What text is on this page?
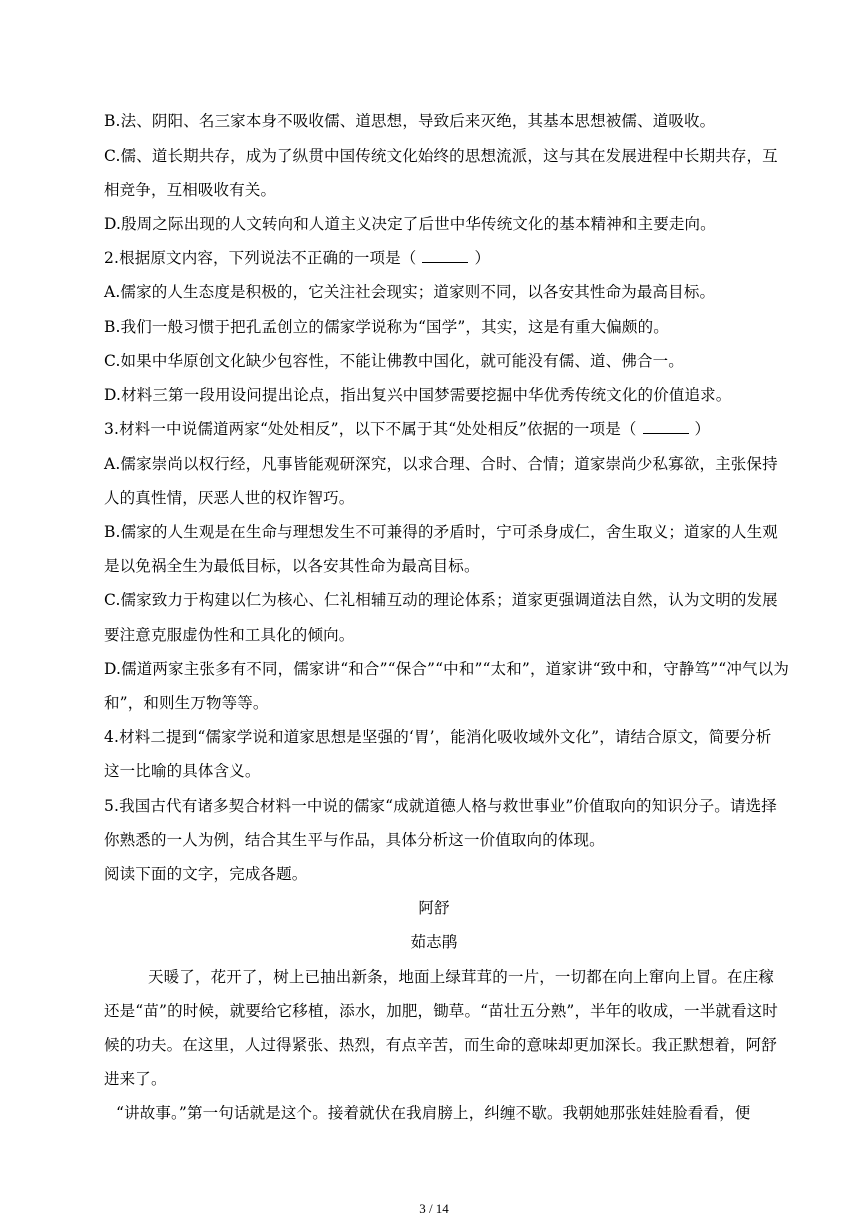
B.法、阴阳、名三家本身不吸收儒、道思想，导致后来灭绝，其基本思想被儒、道吸收。
C.儒、道长期共存，成为了纵贯中国传统文化始终的思想流派，这与其在发展进程中长期共存，互
相竞争，互相吸收有关。
D.殷周之际出现的人文转向和人道主义决定了后世中华传统文化的基本精神和主要走向。
2.根据原文内容，下列说法不正确的一项是（	）
A.儒家的人生态度是积极的，它关注社会现实；道家则不同，以各安其性命为最高目标。
B.我们一般习惯于把孔孟创立的儒家学说称为“国学”，其实，这是有重大偏颇的。
C.如果中华原创文化缺少包容性，不能让佛教中国化，就可能没有儒、道、佛合一。
D.材料三第一段用设问提出论点，指出复兴中国梦需要挖掘中华优秀传统文化的价值追求。
3.材料一中说儒道两家“处处相反”，以下不属于其“处处相反”依据的一项是（	）
A.儒家崇尚以权行经，凡事皆能观研深究，以求合理、合时、合情；道家崇尚少私寡欲，主张保持
人的真性情，厌恶人世的权诈智巧。
B.儒家的人生观是在生命与理想发生不可兼得的矛盾时，宁可杀身成仁，舍生取义；道家的人生观
是以免祸全生为最低目标，以各安其性命为最高目标。
C.儒家致力于构建以仁为核心、仁礼相辅互动的理论体系；道家更强调道法自然，认为文明的发展
要注意克服虚伪性和工具化的倾向。
D.儒道两家主张多有不同，儒家讲“和合”“保合”“中和”“太和”，道家讲“致中和，守静笃”“冲气以为
和”，和则生万物等等。
4.材料二提到“儒家学说和道家思想是坚强的‘胃’，能消化吸收域外文化”，请结合原文，简要分析
这一比喻的具体含义。
5.我国古代有诸多契合材料一中说的儒家“成就道德人格与救世事业”价值取向的知识分子。请选择
你熟悉的一人为例，结合其生平与作品，具体分析这一价值取向的体现。
阅读下面的文字，完成各题。
阿舒
茹志鹃
天暖了，花开了，树上已抽出新条，地面上绿茸茸的一片，一切都在向上窜向上冒。在庄稼
还是“苗”的时候，就要给它移植，添水，加肥，锄草。“苗壮五分熟”，半年的收成，一半就看这时
候的功夫。在这里，人过得紧张、热烈，有点辛苦，而生命的意味却更加深长。我正默想着，阿舒
进来了。
“讲故事。”第一句话就是这个。接着就伏在我肩膀上，纠缠不歇。我朝她那张娃娃脸看看，便
3 / 14
